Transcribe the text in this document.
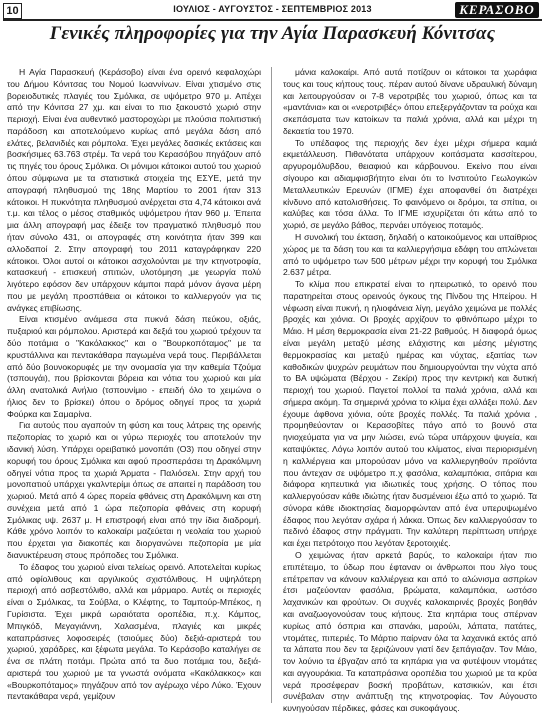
10	ΙΟΥΛΙΟΣ - ΑΥΓΟΥΣΤΟΣ - ΣΕΠΤΕΜΒΡΙΟΣ 2013	ΚΕΡΑΣΟΒΟ
Γενικές πληροφορίες για την Αγία Παρασκευή Κόνιτσας

Η Αγία Παρασκευή (Κεράσοβο) είναι ένα ορεινό κεφαλοχώρι του Δήμου Κόνιτσας του Νομού Ιωαννίνων. Είναι χτισμένο στις βορειοδυτικές πλαγιές του Σμόλικα, σε υψόμετρο 970 μ. Απέχει από την Κόνιτσα 27 χμ. και είναι το πιο ξακουστό χωριό στην περιοχή. Είναι ένα αυθεντικό μαστοροχώρι με πλούσια πολιτιστική παράδοση και αποτελούμενο κυρίως από μεγάλα δάση από ελάτες, βελανιδιές και ρόμπολα. Έχει μεγάλες δασικές εκτάσεις και βοσκήσιμες 63.763 στρέμ. Τα νερά του Κερασόβου πηγάζουν από τις πηγές του όρους Σμόλικα. Οι μόνιμοι κάτοικοι αυτού του χωριού όπου σύμφωνα με τα στατιστικά στοιχεία της ΕΣΥΕ, μετά την απογραφή πληθυσμού της 18ης Μαρτίου το 2001 ήταν 313 κάτοικοι. Η πυκνότητα πληθυσμού ανέρχεται στα 4,74 κάτοικοι ανά τ.μ. και τέλος ο μέσος σταθμικός υψόμετρου ήταν 960 μ. Έπειτα μια άλλη απογραφή μας έδειξε τον πραγματικό πληθυσμό που ήταν σύνολο 431, οι απογραφές στη κοινότητα ήταν 399 και αλλοδαποί 2. Στην απογραφή του 2011 καταγράφηκαν 220 κάτοικοι. Όλοι αυτοί οι κάτοικοι ασχολούνται με την κτηνοτροφία, κατασκευή - επισκευή σπιτιών, υλοτόμηση ,με γεωργία πολύ λιγότερο εφόσον δεν υπάρχουν κάμποι παρά μόνον άγονα μέρη που με μεγάλη προσπάθεια οι κάτοικοι το καλλιεργούν για τις ανάγκες επιβίωσης.

Είναι κτισμένο ανάμεσα στα πυκνά δάση πεύκου, οξιάς, πυξαριού και ρόμπολου. Αριστερά και δεξιά του χωριού τρέχουν τα δύο ποτάμια ο "Κακόλακκος" και ο "Βουρκοπόταμος" με τα κρυστάλλινα και πεντακάθαρα παγωμένα νερά τους. Περιβάλλεται από δύο βουνοκορυφές με την ονομασία για την καθεμία Τζούμα (τσπουγάι), που βρίσκονται βόρεια και νότια του χωριού και μία άλλη ανατολικά Ανήλιο (τσπουνίμιο - επειδή όλο το χειμώνα ο ήλιος δεν το βρίσκει) όπου ο δρόμος οδηγεί προς τα χωριά Φούρκα και Σαμαρίνα.

Για αυτούς που αγαπούν τη φύση και τους λάτρεις της ορεινής πεζοπορίας το χωριό και οι γύρω περιοχές του αποτελούν την ιδανική λύση. Υπάρχει ορειβατικό μονοπάτι (Ο3) που οδηγεί στην κορυφή του όρους Σμόλικα και αφού προσπεράσει τη Δρακόλιμνη οδηγεί νότια προς τα χωριά Άρματα - Παλιόσελι. Στην αρχή του μονοπατιού υπάρχει γκαλντερίμι όπως σε απαιτεί η παράδοση του χωριού. Μετά από 4 ώρες πορεία φθάνεις στη Δρακόλιμνη και στη συνέχεια μετά από 1 ώρα πεζοπορία φθάνεις στη κορυφή Σμόλικας υψ. 2637 μ. Η επιστροφή είναι από την ίδια διαδρομή. Κάθε χρόνο λοιπόν το καλοκαίρι μαζεύεται η νεολαία του χωριού που έρχεται για διακοπές και διοργανώνει πεζοπορία με μία διανυκτέρευση στους πρόποδες του Σμόλικα.

Το έδαφος του χωριού είναι τελείως ορεινό. Αποτελείται κυρίως από οφίολιθους και αργιλικούς σχιστόλιθους. Η υψηλότερη περιοχή από ασβεστόλιθο, αλλά και μάρμαρο. Αυτές οι περιοχές είναι ο Σμόλικας, τα Σούβλα, ο Κλέφτης, το Ταμπούρ-Μπέκος, η Γυρίσιστα. Έχει μικρά ωραιότατα οροπέδια, π.χ. Κάμπος, Μπιγκόδ, Μεγαγιάννη, Χαλασμένα, πλαγιές και μικρές καταπράσινες λοφοσειρές (τσιούμες δύο) δεξιά-αριστερά του χωριού, χαράδρες, και ξέφωτα μεγάλα. Το Κεράσοβο καταλήγει σε ένα σε πλάτη ποτάμι. Πρώτα από τα δυο ποτάμια του, δεξιά-αριστερά του χωριού με τα γνωστά ονόματα «Κακόλακκος» και «Βουρκοπόταμος» πηγάζουν από τον αγέρωχο νέρο Λύκο. Έχουν πεντακάθαρα νερά, γεμίζουν

μάνια καλοκαίρι. Από αυτά ποτίζουν οι κάτοικοι τα χωράφια τους και τους κήπους τους. πέραν αυτού δίνανε υδραυλική δύναμη και λειτουργούσαν οι 7-8 νεροτριβές του χωριού, όπως και τα «μαντάνια» και οι «νεροτριβές» όπου επεξεργάζονταν τα ρούχα και σκεπάσματα των κατοίκων τα παλιά χρόνια, αλλά και μέχρι τη δεκαετία του 1970.

Το υπέδαφος της περιοχής δεν έχει μέχρι σήμερα καμιά εκμετάλλευση. Πιθανότατα υπάρχουν κοιτάσματα κασσίτερου, αργυρομόλυβδου, θειαφιού και κάρβουνου. Εκείνο που είναι σίγουρο και αδιαμφισβήτητο είναι ότι το Ινστιτούτο Γεωλογικών Μεταλλευτικών Ερευνών (ΙΓΜΕ) έχει αποφανθεί ότι διατρέχει κίνδυνο από κατολισθήσεις. Το φαινόμενο οι δρόμοι, τα σπίτια, οι καλύβες και τόσα άλλα. Το ΙΓΜΕ ισχυρίζεται ότι κάτω από το χωριό, σε μεγάλο βάθος, περνάει υπόγειος ποταμός.

Η συνολική του έκταση, δηλαδή ο κατοικούμενος και υπαίθριος χώρος με τα δάση του και τα καλλιεργήσιμα εδάφη του απλώνεται από το υψόμετρο των 500 μέτρων μέχρι την κορυφή του Σμόλικα 2.637 μέτρα.

Το κλίμα που επικρατεί είναι το ηπειρωτικό, το ορεινό που παρατηρείται στους ορεινούς όγκους της Πίνδου της Ηπείρου. Η νέφωση είναι πυκνή, η ηλιοφάνεια λίγη, μεγάλο χειμώνα με πολλές βροχές και χιόνια. Οι βροχές αρχίζουν το φθινόπωρο μέχρι το Μάιο. Η μέση θερμοκρασία είναι 21-22 βαθμούς. Η διαφορά όμως είναι μεγάλη μεταξύ μέσης ελάχιστης και μέσης μέγιστης θερμοκρασίας και μεταξύ ημέρας και νύχτας, εξαιτίας των καθοδικών ψυχρών ρευμάτων που δημιουργούνται την νύχτα από το ΒΑ υψώματα (Βέρχου - Ζεκίρι) προς την κεντρική και δυτική περιοχή του χωριού. Παγετοί πολλοί τα παλιά χρόνια, αλλά και σήμερα ακόμη. Τα σημερινά χρόνια το κλίμα έχει αλλάξει πολύ. Δεν έχουμε άφθονα χιόνια, ούτε βροχές πολλές. Τα παλιά χρόνια , προμηθεύονταν οι Κερασοβίτες πάγο από το βουνό στα ηνιοχεύματα για να μην λιώσει, ενώ τώρα υπάρχουν ψυγεία, και καταψύκτες. Λόγω λοιπόν αυτού του κλίματος, είναι περιορισμένη η καλλιέργεια και μπορούσαν μόνο να καλλιεργηθούν προϊόντα που άντεχαν σε υψόμετρο π.χ φασόλια, καλαμπόκια, σιτάρια και διάφορα κηπευτικά για ιδιωτικές τους χρήσης. Ο τόπος που καλλιεργούσαν κάθε ιδιώτης ήταν δυσμένειοι έξω από το χωριό. Τα σύνορα κάθε ιδιοκτησίας διαμορφώνταν από ένα υπερυψωμένο έδαφος που λεγόταν σχάρα ή λάκκα. Όπως δεν καλλιεργούσαν το πεδινό έδαφος στην πράγματι. Την καλύτερη περίπτωση υπήρχε και έχει πετρότοιχο που λεγόταν ξεροτοιχιές.

Ο χειμώνας ήταν αρκετά βαρύς, το καλοκαίρι ήταν πιο επιπέτειμο, το ύδωρ που έφταναν οι άνθρωποι που λίγο τους επέτρεπαν να κάνουν καλλιέργεια και από το αλώνισμα ασπρίων έτσι μαζεύονταν φασόλια, βρώματα, καλαμπόκια, ωστόσο λαχανικών και φρούτων. Οι συχνές καλοκαιρινές βροχές βοηθάν και αναζωογονούσαν τους κήπους. Στα κηπάρια τους σπέρναν κυρίως από όσπρια και σπανάκι, μαρούλι, λάπατα, πατάτες, ντομάτες, πιπεριές. Το Μάρτιο παίρναν όλα τα λαχανικά εκτός από τα λάπατα που δεν τα ξεριζώνουν γιατί δεν ξεπάγιαζαν. Τον Μάιο, τον λούνιο τα έβγαζαν από τα κηπάρια για να φυτέψουν ντομάτες και αγγουράκια. Τα καταπράσινα οροπέδια του χωριού με τα κρύα νερά προσέφεραν βοσκή προβάτων, κατσικιών, και έτσι συνέβαλαν στην ανάπτυξη της κτηνοτροφίας. Τον Αύγουστο κυνηγούσαν πέρδικες, φάσες και συκοφάγους.
